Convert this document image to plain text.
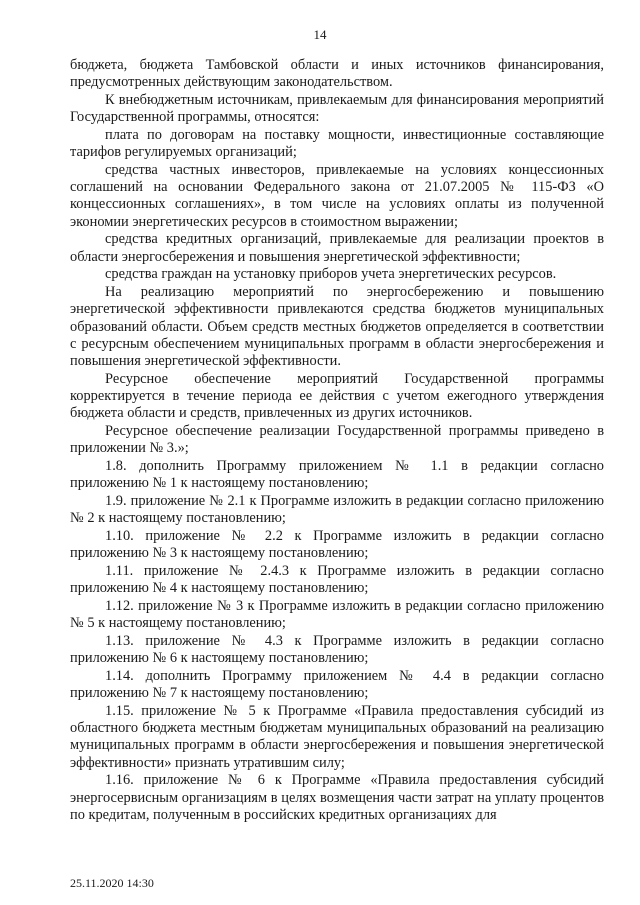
14

бюджета, бюджета Тамбовской области и иных источников финансирования, предусмотренных действующим законодательством.

К внебюджетным источникам, привлекаемым для финансирования мероприятий Государственной программы, относятся:

плата по договорам на поставку мощности, инвестиционные составляющие тарифов регулируемых организаций;

средства частных инвесторов, привлекаемые на условиях концессионных соглашений на основании Федерального закона от 21.07.2005 № 115-ФЗ «О концессионных соглашениях», в том числе на условиях оплаты из полученной экономии энергетических ресурсов в стоимостном выражении;

средства кредитных организаций, привлекаемые для реализации проектов в области энергосбережения и повышения энергетической эффективности;

средства граждан на установку приборов учета энергетических ресурсов.

На реализацию мероприятий по энергосбережению и повышению энергетической эффективности привлекаются средства бюджетов муниципальных образований области. Объем средств местных бюджетов определяется в соответствии с ресурсным обеспечением муниципальных программ в области энергосбережения и повышения энергетической эффективности.

Ресурсное обеспечение мероприятий Государственной программы корректируется в течение периода ее действия с учетом ежегодного утверждения бюджета области и средств, привлеченных из других источников.

Ресурсное обеспечение реализации Государственной программы приведено в приложении № 3.»;

1.8. дополнить Программу приложением № 1.1 в редакции согласно приложению № 1 к настоящему постановлению;

1.9. приложение № 2.1 к Программе изложить в редакции согласно приложению № 2 к настоящему постановлению;

1.10. приложение № 2.2 к Программе изложить в редакции согласно приложению № 3 к настоящему постановлению;

1.11. приложение № 2.4.3 к Программе изложить в редакции согласно приложению № 4 к настоящему постановлению;

1.12. приложение № 3 к Программе изложить в редакции согласно приложению № 5 к настоящему постановлению;

1.13. приложение № 4.3 к Программе изложить в редакции согласно приложению № 6 к настоящему постановлению;

1.14. дополнить Программу приложением № 4.4 в редакции согласно приложению № 7 к настоящему постановлению;

1.15. приложение № 5 к Программе «Правила предоставления субсидий из областного бюджета местным бюджетам муниципальных образований на реализацию муниципальных программ в области энергосбережения и повышения энергетической эффективности» признать утратившим силу;

1.16. приложение № 6 к Программе «Правила предоставления субсидий энергосервисным организациям в целях возмещения части затрат на уплату процентов по кредитам, полученным в российских кредитных организациях для

25.11.2020 14:30
